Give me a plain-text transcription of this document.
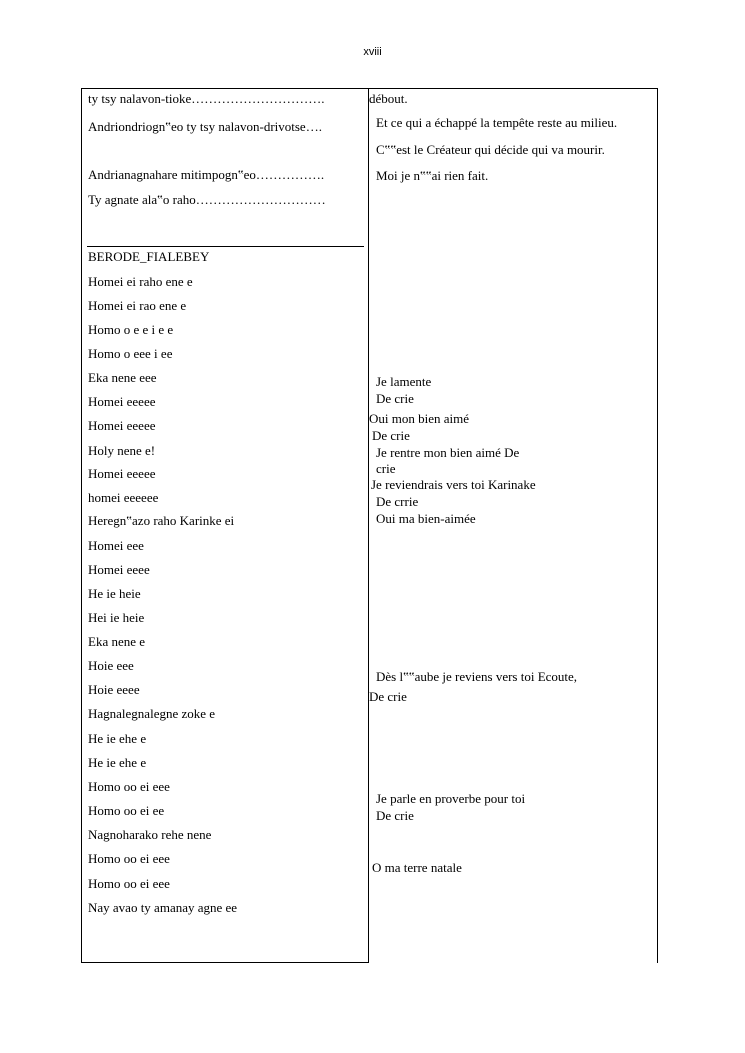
xviii
ty tsy nalavon-tioke………………………….
Andriondriogn‟eo ty tsy nalavon-drivotse….
Andrianagnahare mitimpogn‟eo…………….
Ty agnate ala‟o raho…………………………
BERODE_FIALEBEY
Homei ei raho ene e
Homei ei rao ene e
Homo o e e i e e
Homo o eee i ee
Eka nene eee
Homei eeeee
Homei eeeee
Holy nene e!
Homei eeeee
homei eeeeee
Heregn‟azo raho Karinke ei
Homei eee
Homei eeee
He ie heie
Hei ie heie
Eka nene e
Hoie eee
Hoie eeee
Hagnalegnalegne zoke e
He ie ehe e
He ie ehe e
Homo oo ei eee
Homo oo ei ee
Nagnoharako rehe nene
Homo oo ei eee
Homo oo ei eee
Nay avao ty amanay agne ee
débout.
Et ce qui a échappé la tempête reste au milieu.
C‟‟est le Créateur qui décide qui va mourir.
Moi je n‟‟ai rien fait.
Je lamente
De crie
Oui mon bien aimé
De crie
Je rentre mon bien aimé De
crie
Je reviendrais vers toi Karinake
De crrie
Oui ma bien-aimée
Dès l‟‟aube je reviens vers toi Ecoute,
De crie
Je parle en proverbe pour toi
De crie
O ma terre natale
